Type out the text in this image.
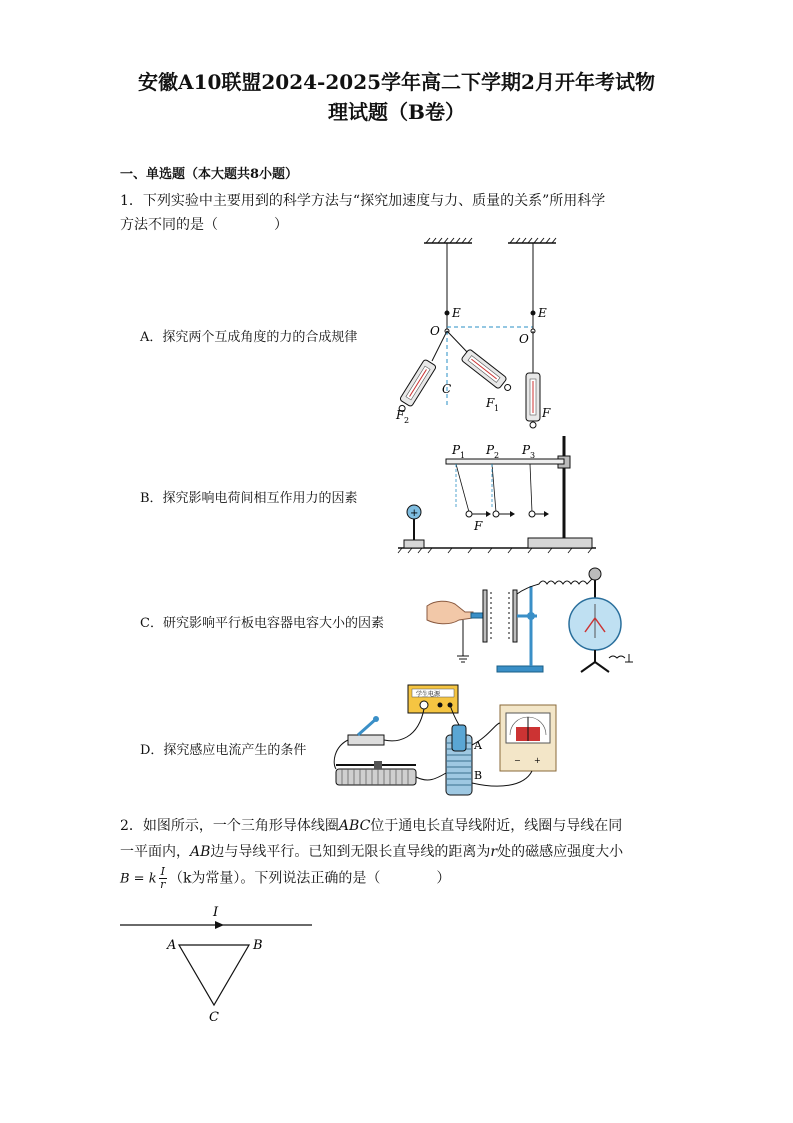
安徽A10联盟2024-2025学年高二下学期2月开年考试物
理试题（B卷）
一、单选题（本大题共8小题）
1．下列实验中主要用到的科学方法与“探究加速度与力、质量的关系”所用科学
方法不同的是（　　　　）
A．探究两个互成角度的力的合成规律
B．探究影响电荷间相互作用力的因素
C．研究影响平行板电容器电容大小的因素
D．探究感应电流产生的条件
E	E
O
O
C
F 1
F 2
F
+
P 1 P 2 P 3
F
学生电源
− +
A
B
2．如图所示，一个三角形导体线圈ABC位于通电长直导线附近，线圈与导线在同
一平面内，AB边与导线平行。已知到无限长直导线的距离为r处的磁感应强度大小
B = k $\frac{I}{r} (k$为常量）。下列说法正确的是（　　　　）
I
A	B
C
